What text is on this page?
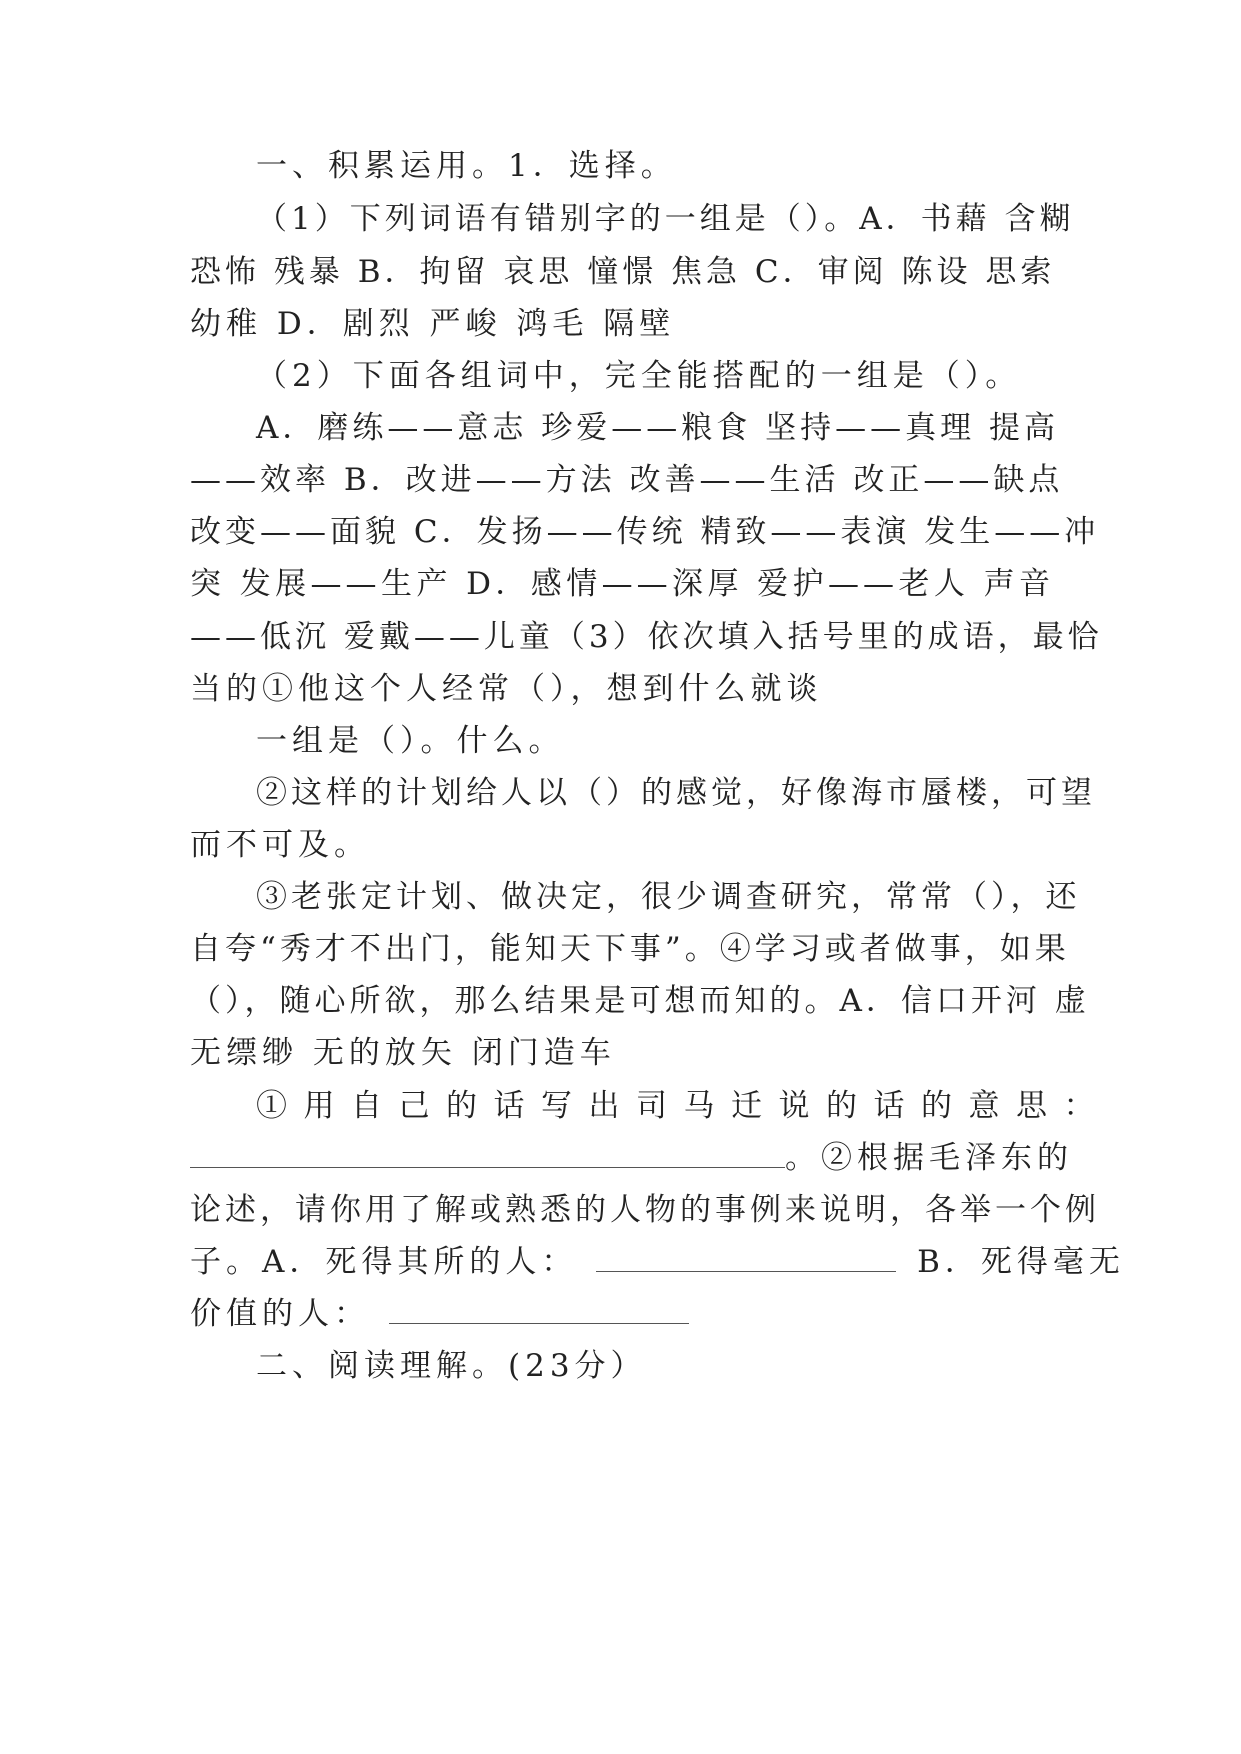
一、积累运用。1．选择。
（1）下列词语有错别字的一组是（）。A．书藉 含糊
恐怖 残暴 B．拘留 哀思 憧憬 焦急 C．审阅 陈设 思索
幼稚 D．剧烈 严峻 鸿毛 隔壁
（2）下面各组词中，完全能搭配的一组是（）。
A．磨练——意志 珍爱——粮食 坚持——真理 提高
——效率 B．改进——方法 改善——生活 改正——缺点
改变——面貌 C．发扬——传统 精致——表演 发生——冲
突 发展——生产 D．感情——深厚 爱护——老人 声音
——低沉 爱戴——儿童（3）依次填入括号里的成语，最恰
当的①他这个人经常（），想到什么就谈
一组是（）。什么。
②这样的计划给人以（）的感觉，好像海市蜃楼，可望
而不可及。
③老张定计划、做决定，很少调查研究，常常（），还
自夸“秀才不出门，能知天下事”。④学习或者做事，如果
（），随心所欲，那么结果是可想而知的。A．信口开河 虚
无缥缈 无的放矢 闭门造车
①用自己的话写出司马迁说的话的意思：
。②根据毛泽东的
论述，请你用了解或熟悉的人物的事例来说明，各举一个例
子。A．死得其所的人：	B．死得毫无
价值的人：
二、阅读理解。(23分）
